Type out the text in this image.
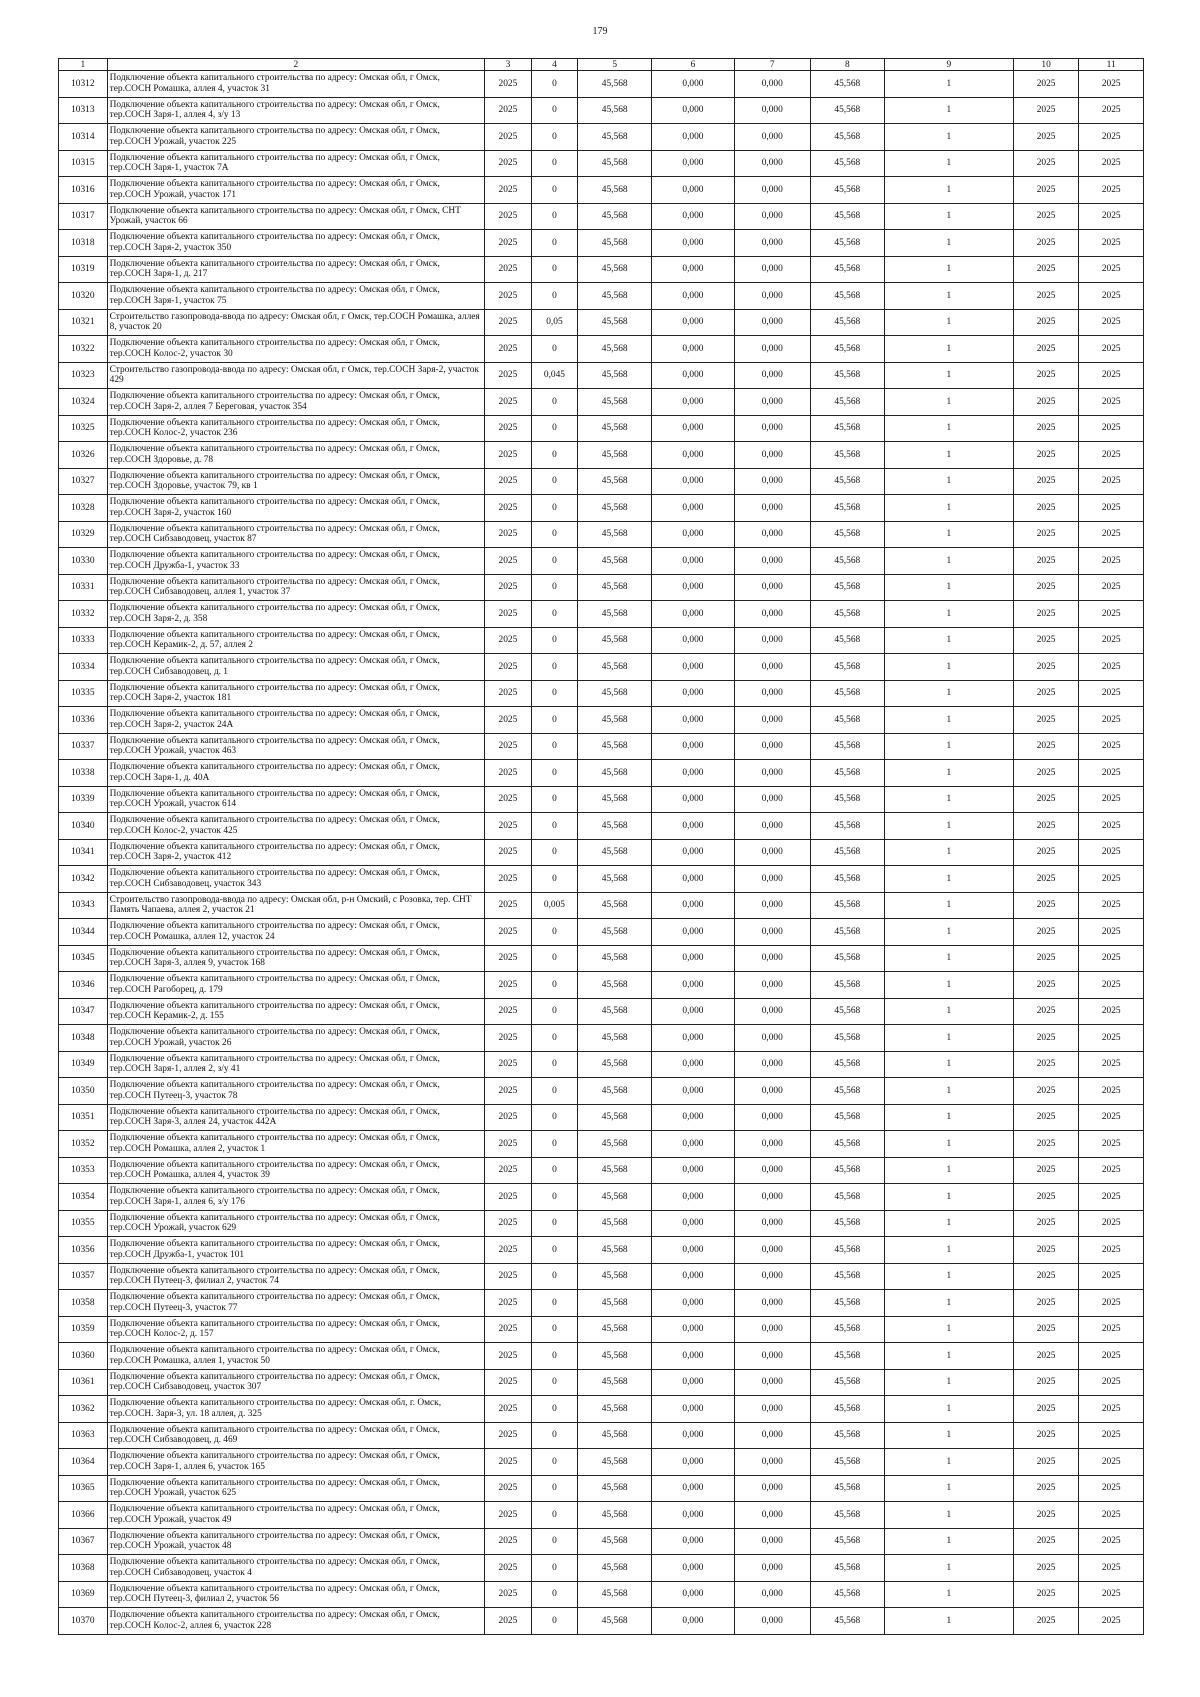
179
1	2	3	4	5	6	7	8	9	10	11
10312	Подключение объекта капитального строительства по адресу: Омская обл, г Омск, тер.СОСН Ромашка, аллея 4, участок 31	2025	0	45,568	0,000	0,000	45,568	1	2025	2025
10313	Подключение объекта капитального строительства по адресу: Омская обл, г Омск, тер.СОСН Заря-1, аллея 4, з/у 13	2025	0	45,568	0,000	0,000	45,568	1	2025	2025
10314	Подключение объекта капитального строительства по адресу: Омская обл, г Омск, тер.СОСН Урожай, участок 225	2025	0	45,568	0,000	0,000	45,568	1	2025	2025
10315	Подключение объекта капитального строительства по адресу: Омская обл, г Омск, тер.СОСН Заря-1, участок 7А	2025	0	45,568	0,000	0,000	45,568	1	2025	2025
10316	Подключение объекта капитального строительства по адресу: Омская обл, г Омск, тер.СОСН Урожай, участок 171	2025	0	45,568	0,000	0,000	45,568	1	2025	2025
10317	Подключение объекта капитального строительства по адресу: Омская обл, г Омск, СНТ Урожай, участок 66	2025	0	45,568	0,000	0,000	45,568	1	2025	2025
10318	Подключение объекта капитального строительства по адресу: Омская обл, г Омск, тер.СОСН Заря-2, участок 350	2025	0	45,568	0,000	0,000	45,568	1	2025	2025
10319	Подключение объекта капитального строительства по адресу: Омская обл, г Омск, тер.СОСН Заря-1, д. 217	2025	0	45,568	0,000	0,000	45,568	1	2025	2025
10320	Подключение объекта капитального строительства по адресу: Омская обл, г Омск, тер.СОСН Заря-1, участок 75	2025	0	45,568	0,000	0,000	45,568	1	2025	2025
10321	Строительство газопровода-ввода по адресу: Омская обл, г Омск, тер.СОСН Ромашка, аллея 8, участок 20	2025	0,05	45,568	0,000	0,000	45,568	1	2025	2025
10322	Подключение объекта капитального строительства по адресу: Омская обл, г Омск, тер.СОСН Колос-2, участок 30	2025	0	45,568	0,000	0,000	45,568	1	2025	2025
10323	Строительство газопровода-ввода по адресу: Омская обл, г Омск, тер.СОСН Заря-2, участок 429	2025	0,045	45,568	0,000	0,000	45,568	1	2025	2025
10324	Подключение объекта капитального строительства по адресу: Омская обл, г Омск, тер.СОСН Заря-2, аллея 7 Береговая, участок 354	2025	0	45,568	0,000	0,000	45,568	1	2025	2025
10325	Подключение объекта капитального строительства по адресу: Омская обл, г Омск, тер.СОСН Колос-2, участок 236	2025	0	45,568	0,000	0,000	45,568	1	2025	2025
10326	Подключение объекта капитального строительства по адресу: Омская обл, г Омск, тер.СОСН Здоровье, д. 78	2025	0	45,568	0,000	0,000	45,568	1	2025	2025
10327	Подключение объекта капитального строительства по адресу: Омская обл, г Омск, тер.СОСН Здоровье, участок 79, кв 1	2025	0	45,568	0,000	0,000	45,568	1	2025	2025
10328	Подключение объекта капитального строительства по адресу: Омская обл, г Омск, тер.СОСН Заря-2, участок 160	2025	0	45,568	0,000	0,000	45,568	1	2025	2025
10329	Подключение объекта капитального строительства по адресу: Омская обл, г Омск, тер.СОСН Сибзаводовец, участок 87	2025	0	45,568	0,000	0,000	45,568	1	2025	2025
10330	Подключение объекта капитального строительства по адресу: Омская обл, г Омск, тер.СОСН Дружба-1, участок 33	2025	0	45,568	0,000	0,000	45,568	1	2025	2025
10331	Подключение объекта капитального строительства по адресу: Омская обл, г Омск, тер.СОСН Сибзаводовец, аллея 1, участок 37	2025	0	45,568	0,000	0,000	45,568	1	2025	2025
10332	Подключение объекта капитального строительства по адресу: Омская обл, г Омск, тер.СОСН Заря-2, д. 358	2025	0	45,568	0,000	0,000	45,568	1	2025	2025
10333	Подключение объекта капитального строительства по адресу: Омская обл, г Омск, тер.СОСН Керамик-2, д. 57, аллея 2	2025	0	45,568	0,000	0,000	45,568	1	2025	2025
10334	Подключение объекта капитального строительства по адресу: Омская обл, г Омск, тер.СОСН Сибзаводовец, д. 1	2025	0	45,568	0,000	0,000	45,568	1	2025	2025
10335	Подключение объекта капитального строительства по адресу: Омская обл, г Омск, тер.СОСН Заря-2, участок 181	2025	0	45,568	0,000	0,000	45,568	1	2025	2025
10336	Подключение объекта капитального строительства по адресу: Омская обл, г Омск, тер.СОСН Заря-2, участок 24А	2025	0	45,568	0,000	0,000	45,568	1	2025	2025
10337	Подключение объекта капитального строительства по адресу: Омская обл, г Омск, тер.СОСН Урожай, участок 463	2025	0	45,568	0,000	0,000	45,568	1	2025	2025
10338	Подключение объекта капитального строительства по адресу: Омская обл, г Омск, тер.СОСН Заря-1, д. 40А	2025	0	45,568	0,000	0,000	45,568	1	2025	2025
10339	Подключение объекта капитального строительства по адресу: Омская обл, г Омск, тер.СОСН Урожай, участок 614	2025	0	45,568	0,000	0,000	45,568	1	2025	2025
10340	Подключение объекта капитального строительства по адресу: Омская обл, г Омск, тер.СОСН Колос-2, участок 425	2025	0	45,568	0,000	0,000	45,568	1	2025	2025
10341	Подключение объекта капитального строительства по адресу: Омская обл, г Омск, тер.СОСН Заря-2, участок 412	2025	0	45,568	0,000	0,000	45,568	1	2025	2025
10342	Подключение объекта капитального строительства по адресу: Омская обл, г Омск, тер.СОСН Сибзаводовец, участок 343	2025	0	45,568	0,000	0,000	45,568	1	2025	2025
10343	Строительство газопровода-ввода по адресу: Омская обл, р-н Омский, с Розовка, тер. СНТ Память Чапаева, аллея 2, участок 21	2025	0,005	45,568	0,000	0,000	45,568	1	2025	2025
10344	Подключение объекта капитального строительства по адресу: Омская обл, г Омск, тер.СОСН Ромашка, аллея 12, участок 24	2025	0	45,568	0,000	0,000	45,568	1	2025	2025
10345	Подключение объекта капитального строительства по адресу: Омская обл, г Омск, тер.СОСН Заря-3, аллея 9, участок 168	2025	0	45,568	0,000	0,000	45,568	1	2025	2025
10346	Подключение объекта капитального строительства по адресу: Омская обл, г Омск, тер.СОСН Рагоборец, д. 179	2025	0	45,568	0,000	0,000	45,568	1	2025	2025
10347	Подключение объекта капитального строительства по адресу: Омская обл, г Омск, тер.СОСН Керамик-2, д. 155	2025	0	45,568	0,000	0,000	45,568	1	2025	2025
10348	Подключение объекта капитального строительства по адресу: Омская обл, г Омск, тер.СОСН Урожай, участок 26	2025	0	45,568	0,000	0,000	45,568	1	2025	2025
10349	Подключение объекта капитального строительства по адресу: Омская обл, г Омск, тер.СОСН Заря-1, аллея 2, з/у 41	2025	0	45,568	0,000	0,000	45,568	1	2025	2025
10350	Подключение объекта капитального строительства по адресу: Омская обл, г Омск, тер.СОСН Путеец-3, участок 78	2025	0	45,568	0,000	0,000	45,568	1	2025	2025
10351	Подключение объекта капитального строительства по адресу: Омская обл, г Омск, тер.СОСН Заря-3, аллея 24, участок 442А	2025	0	45,568	0,000	0,000	45,568	1	2025	2025
10352	Подключение объекта капитального строительства по адресу: Омская обл, г Омск, тер.СОСН Ромашка, аллея 2, участок 1	2025	0	45,568	0,000	0,000	45,568	1	2025	2025
10353	Подключение объекта капитального строительства по адресу: Омская обл, г Омск, тер.СОСН Ромашка, аллея 4, участок 39	2025	0	45,568	0,000	0,000	45,568	1	2025	2025
10354	Подключение объекта капитального строительства по адресу: Омская обл, г Омск, тер.СОСН Заря-1, аллея 6, з/у 176	2025	0	45,568	0,000	0,000	45,568	1	2025	2025
10355	Подключение объекта капитального строительства по адресу: Омская обл, г Омск, тер.СОСН Урожай, участок 629	2025	0	45,568	0,000	0,000	45,568	1	2025	2025
10356	Подключение объекта капитального строительства по адресу: Омская обл, г Омск, тер.СОСН Дружба-1, участок 101	2025	0	45,568	0,000	0,000	45,568	1	2025	2025
10357	Подключение объекта капитального строительства по адресу: Омская обл, г Омск, тер.СОСН Путеец-3, филиал 2, участок 74	2025	0	45,568	0,000	0,000	45,568	1	2025	2025
10358	Подключение объекта капитального строительства по адресу: Омская обл, г Омск, тер.СОСН Путеец-3, участок 77	2025	0	45,568	0,000	0,000	45,568	1	2025	2025
10359	Подключение объекта капитального строительства по адресу: Омская обл, г Омск, тер.СОСН Колос-2, д. 157	2025	0	45,568	0,000	0,000	45,568	1	2025	2025
10360	Подключение объекта капитального строительства по адресу: Омская обл, г Омск, тер.СОСН Ромашка, аллея 1, участок 50	2025	0	45,568	0,000	0,000	45,568	1	2025	2025
10361	Подключение объекта капитального строительства по адресу: Омская обл, г Омск, тер.СОСН Сибзаводовец, участок 307	2025	0	45,568	0,000	0,000	45,568	1	2025	2025
10362	Подключение объекта капитального строительства по адресу: Омская обл, г. Омск, тер.СОСН. Заря-3, ул. 18 аллея, д. 325	2025	0	45,568	0,000	0,000	45,568	1	2025	2025
10363	Подключение объекта капитального строительства по адресу: Омская обл, г Омск, тер.СОСН Сибзаводовец, д. 469	2025	0	45,568	0,000	0,000	45,568	1	2025	2025
10364	Подключение объекта капитального строительства по адресу: Омская обл, г Омск, тер.СОСН Заря-1, аллея 6, участок 165	2025	0	45,568	0,000	0,000	45,568	1	2025	2025
10365	Подключение объекта капитального строительства по адресу: Омская обл, г Омск, тер.СОСН Урожай, участок 625	2025	0	45,568	0,000	0,000	45,568	1	2025	2025
10366	Подключение объекта капитального строительства по адресу: Омская обл, г Омск, тер.СОСН Урожай, участок 49	2025	0	45,568	0,000	0,000	45,568	1	2025	2025
10367	Подключение объекта капитального строительства по адресу: Омская обл, г Омск, тер.СОСН Урожай, участок 48	2025	0	45,568	0,000	0,000	45,568	1	2025	2025
10368	Подключение объекта капитального строительства по адресу: Омская обл, г Омск, тер.СОСН Сибзаводовец, участок 4	2025	0	45,568	0,000	0,000	45,568	1	2025	2025
10369	Подключение объекта капитального строительства по адресу: Омская обл, г Омск, тер.СОСН Путеец-3, филиал 2, участок 56	2025	0	45,568	0,000	0,000	45,568	1	2025	2025
10370	Подключение объекта капитального строительства по адресу: Омская обл, г Омск, тер.СОСН Колос-2, аллея 6, участок 228	2025	0	45,568	0,000	0,000	45,568	1	2025	2025
